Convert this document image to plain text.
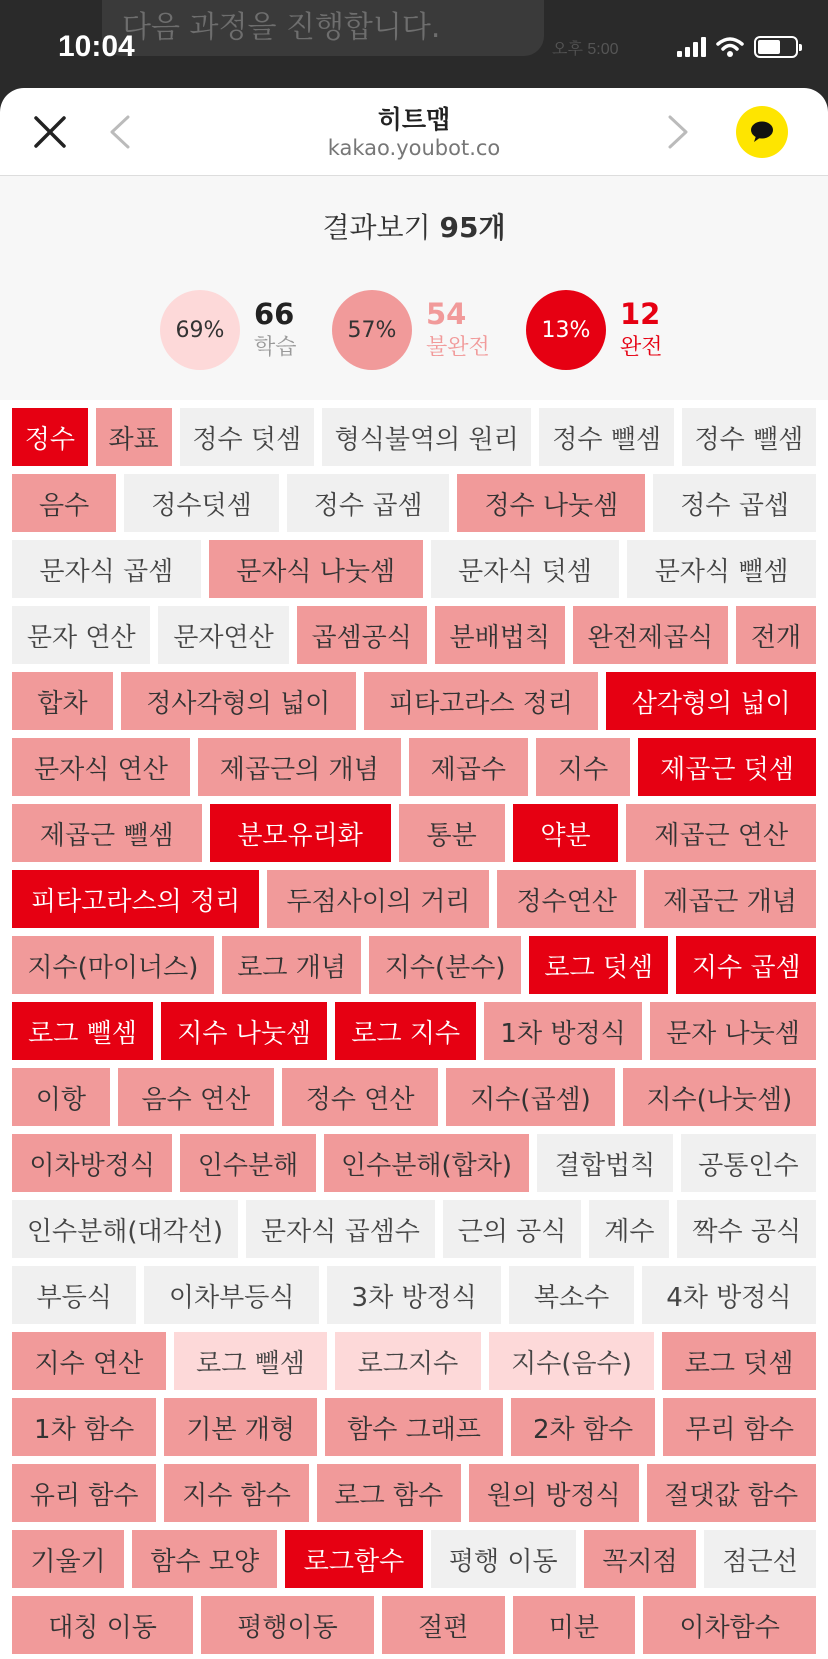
다음 과정을 진행합니다.
10:04	오후 5:00
히트맵
kakao.youbot.co
결과보기 95개
69%	66
학습
57%	54
불완전
13%	12
완전
정수	좌표	정수 덧셈	형식불역의 원리	정수 뺄셈	정수 뺄셈
음수	정수덧셈	정수 곱셈	정수 나눗셈	정수 곱셉
문자식 곱셈	문자식 나눗셈	문자식 덧셈	문자식 뺄셈
문자 연산	문자연산	곱셈공식	분배법칙	완전제곱식	전개
합차	정사각형의 넓이	피타고라스 정리	삼각형의 넓이
문자식 연산	제곱근의 개념	제곱수	지수	제곱근 덧셈
제곱근 뺄셈	분모유리화	통분	약분	제곱근 연산
피타고라스의 정리	두점사이의 거리	정수연산	제곱근 개념
지수(마이너스)	로그 개념	지수(분수)	로그 덧셈	지수 곱셈
로그 뺄셈	지수 나눗셈	로그 지수	1차 방정식	문자 나눗셈
이항	음수 연산	정수 연산	지수(곱셈)	지수(나눗셈)
이차방정식	인수분해	인수분해(합차)	결합법칙	공통인수
인수분해(대각선)	문자식 곱셈수	근의 공식	계수	짝수 공식
부등식	이차부등식	3차 방정식	복소수	4차 방정식
지수 연산	로그 뺄셈	로그지수	지수(음수)	로그 덧셈
1차 함수	기본 개형	함수 그래프	2차 함수	무리 함수
유리 함수	지수 함수	로그 함수	원의 방정식	절댓값 함수
기울기	함수 모양	로그함수	평행 이동	꼭지점	점근선
대칭 이동	평행이동	절편	미분	이차함수
